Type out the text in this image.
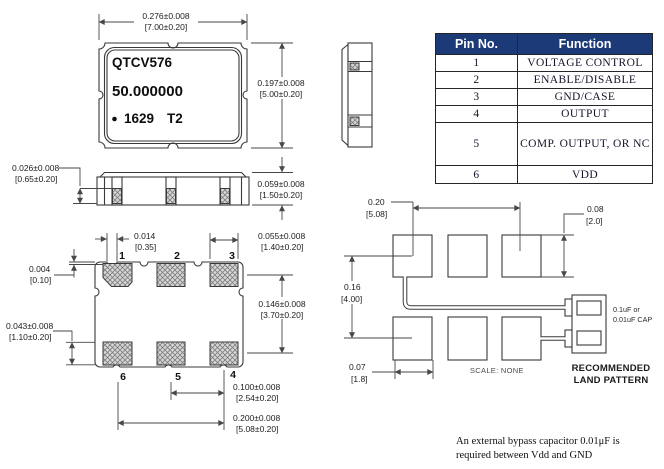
QTCV576
50.000000
1629 T2
0.276±0.008
[7.00±0.20]
0.197±0.008
[5.00±0.20]
0.026±0.008
[0.65±0.20]	0.059±0.008
[1.50±0.20]
1	2	3
6	5	4
0.014
[0.35]
0.004
[0.10]
0.043±0.008
[1.10±0.20]
0.055±0.008
[1.40±0.20]
0.146±0.008
[3.70±0.20]
0.100±0.008
[2.54±0.20]
0.200±0.008
[5.08±0.20]
0.20
[5.08]	0.08
[2.0]
0.16
[4.00]
0.07
[1.8]
0.1uF or
0.01uF CAP
SCALE: NONE	RECOMMENDED
LAND PATTERN
An external bypass capacitor 0.01μF is
required between Vdd and GND
Pin No.	Function
1	VOLTAGE CONTROL
2	ENABLE/DISABLE
3	GND/CASE
4	OUTPUT
5	COMP. OUTPUT, OR NC
6	VDD
